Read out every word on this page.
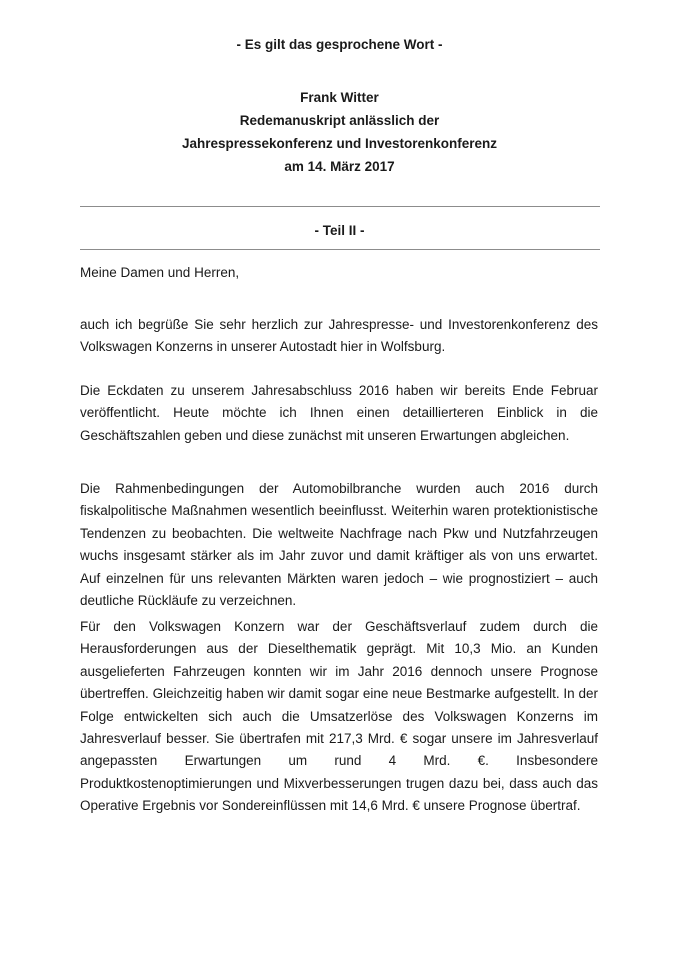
- Es gilt das gesprochene Wort -
Frank Witter
Redemanuskript anlässlich der
Jahrespressekonferenz und Investorenkonferenz
am 14. März 2017
- Teil II -

Meine Damen und Herren,

auch ich begrüße Sie sehr herzlich zur Jahrespresse- und Investorenkonferenz des Volkswagen Konzerns in unserer Autostadt hier in Wolfsburg.

Die Eckdaten zu unserem Jahresabschluss 2016 haben wir bereits Ende Februar veröffentlicht. Heute möchte ich Ihnen einen detaillierteren Einblick in die Geschäftszahlen geben und diese zunächst mit unseren Erwartungen abgleichen.

Die Rahmenbedingungen der Automobilbranche wurden auch 2016 durch fiskalpolitische Maßnahmen wesentlich beeinflusst. Weiterhin waren protektionistische Tendenzen zu beobachten. Die weltweite Nachfrage nach Pkw und Nutzfahrzeugen wuchs insgesamt stärker als im Jahr zuvor und damit kräftiger als von uns erwartet. Auf einzelnen für uns relevanten Märkten waren jedoch – wie prognostiziert – auch deutliche Rückläufe zu verzeichnen.

Für den Volkswagen Konzern war der Geschäftsverlauf zudem durch die Herausforderungen aus der Dieselthematik geprägt. Mit 10,3 Mio. an Kunden ausgelieferten Fahrzeugen konnten wir im Jahr 2016 dennoch unsere Prognose übertreffen. Gleichzeitig haben wir damit sogar eine neue Bestmarke aufgestellt. In der Folge entwickelten sich auch die Umsatzerlöse des Volkswagen Konzerns im Jahresverlauf besser. Sie übertrafen mit 217,3 Mrd. € sogar unsere im Jahresverlauf angepassten Erwartungen um rund 4 Mrd. €. Insbesondere Produktkostenoptimierungen und Mixverbesserungen trugen dazu bei, dass auch das Operative Ergebnis vor Sondereinflüssen mit 14,6 Mrd. € unsere Prognose übertraf.
